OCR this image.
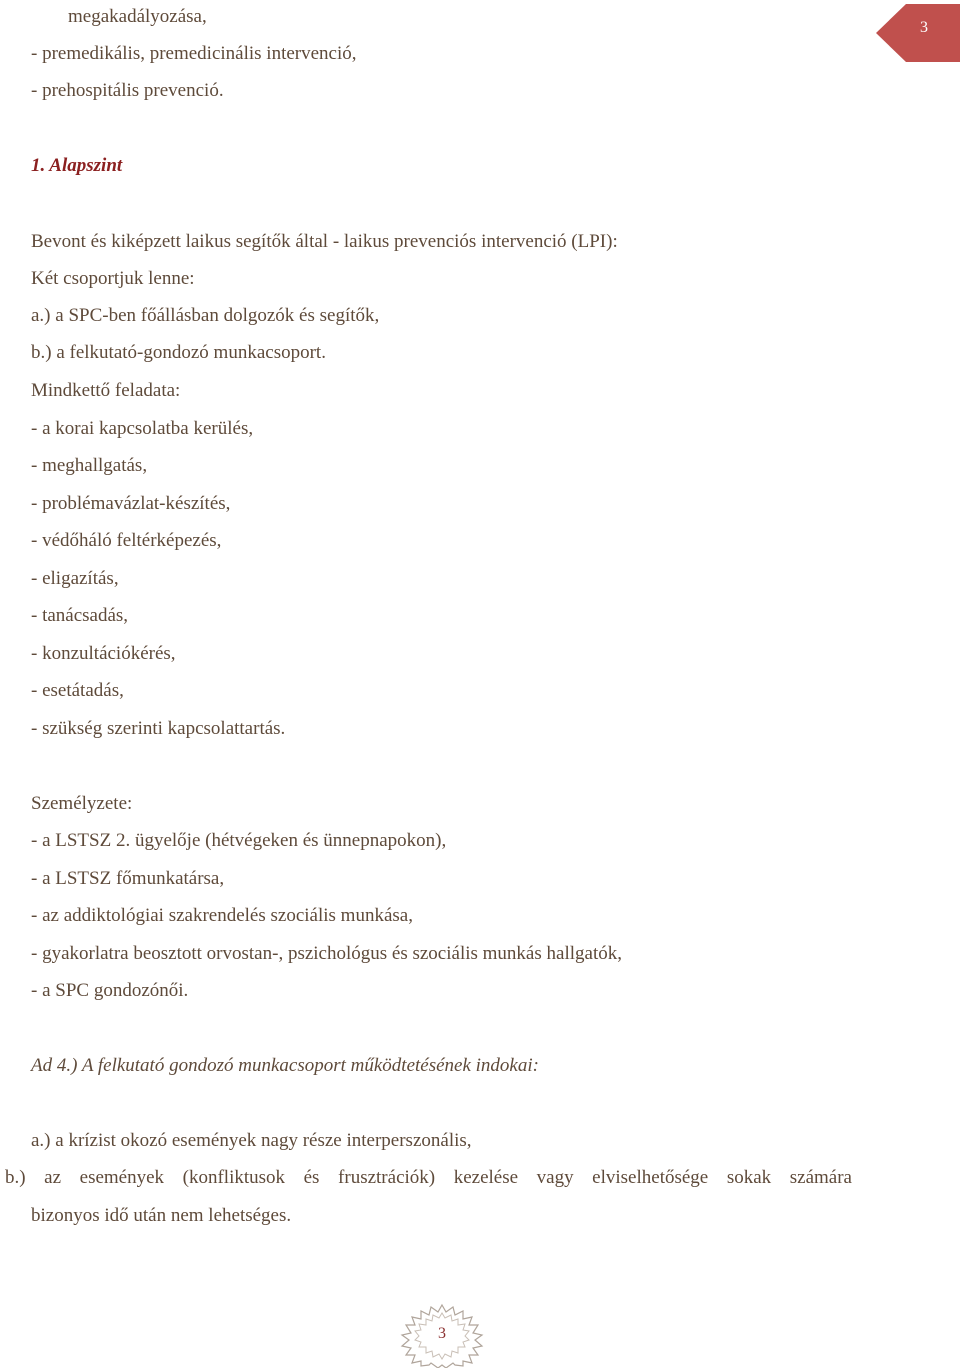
3

megakadályozása,

- premedikális, premedicinális intervenció,

- prehospitális prevenció.

1. Alapszint

Bevont és kiképzett laikus segítők által - laikus prevenciós intervenció (LPI):

Két csoportjuk lenne:

a.) a SPC-ben főállásban dolgozók és segítők,

b.) a felkutató-gondozó munkacsoport.

Mindkettő feladata:

- a korai kapcsolatba kerülés,

- meghallgatás,

- problémavázlat-készítés,

- védőháló feltérképezés,

- eligazítás,

- tanácsadás,

- konzultációkérés,

- esetátadás,

- szükség szerinti kapcsolattartás.

Személyzete:

- a LSTSZ 2. ügyelője (hétvégeken és ünnepnapokon),

- a LSTSZ főmunkatársa,

- az addiktológiai szakrendelés szociális munkása,

- gyakorlatra beosztott orvostan-, pszichológus és szociális munkás hallgatók,

- a SPC gondozónői.

Ad 4.) A felkutató gondozó munkacsoport működtetésének indokai:

a.) a krízist okozó események nagy része interperszonális,

b.) az események (konfliktusok és frusztrációk) kezelése vagy elviselhetősége sokak számára

bizonyos idő után nem lehetséges.

3
